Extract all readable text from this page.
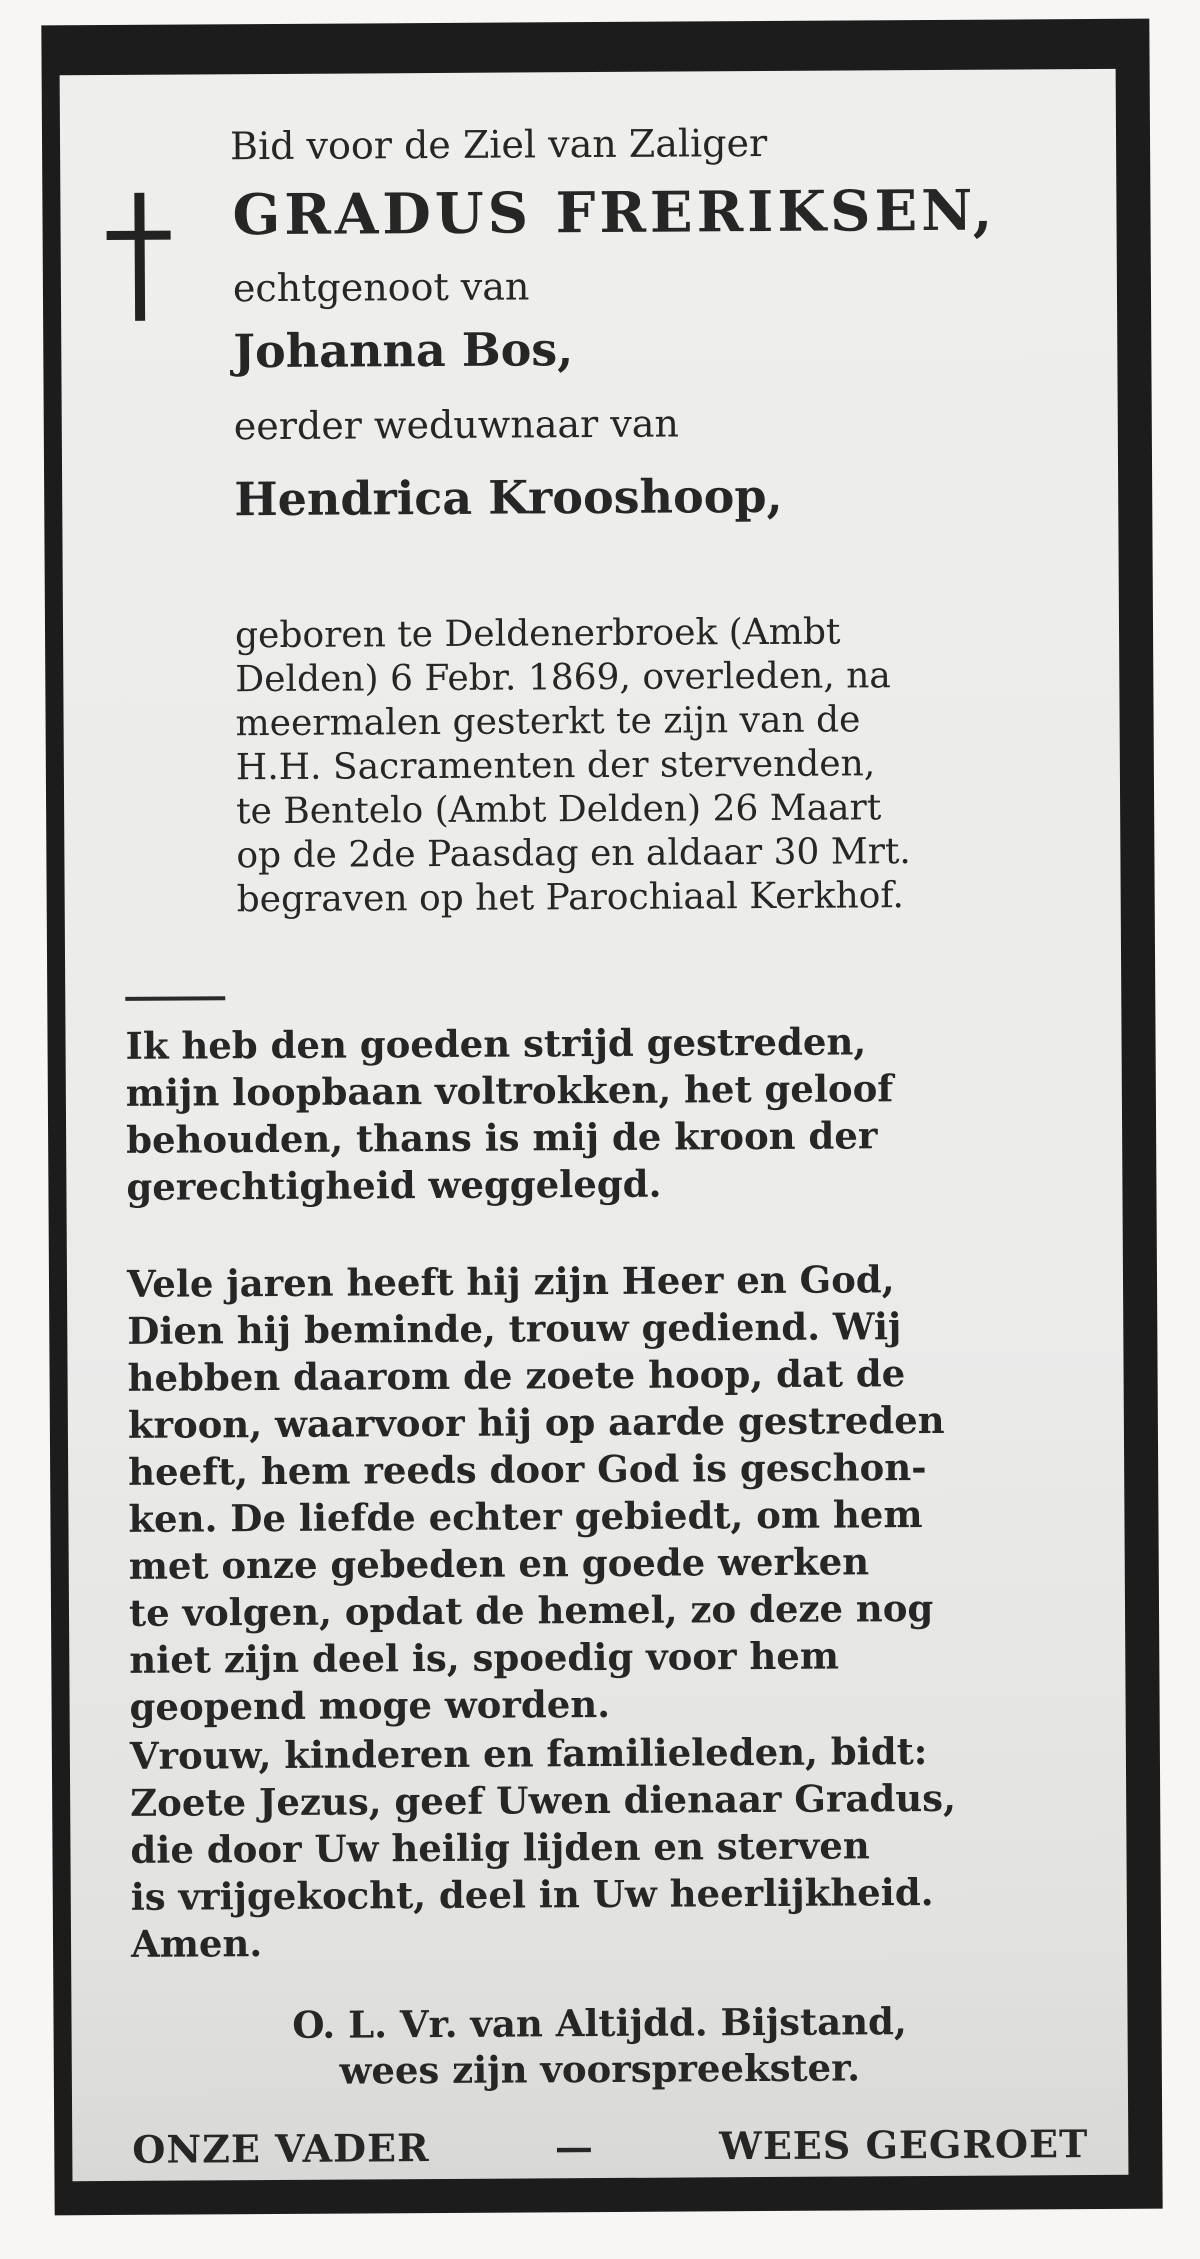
Bid voor de Ziel van Zaliger

GRADUS FRERIKSEN,

echtgenoot van

Johanna Bos,

eerder weduwnaar van

Hendrica Krooshoop,

geboren te Deldenerbroek (Ambt
Delden) 6 Febr. 1869, overleden, na
meermalen gesterkt te zijn van de
H.H. Sacramenten der stervenden,
te Bentelo (Ambt Delden) 26 Maart
op de 2de Paasdag en aldaar 30 Mrt.
begraven op het Parochiaal Kerkhof.
Ik heb den goeden strijd gestreden,
mijn loopbaan voltrokken, het geloof
behouden, thans is mij de kroon der
gerechtigheid weggelegd.
Vele jaren heeft hij zijn Heer en God,
Dien hij beminde, trouw gediend. Wij
hebben daarom de zoete hoop, dat de
kroon, waarvoor hij op aarde gestreden
heeft, hem reeds door God is geschon-
ken. De liefde echter gebiedt, om hem
met onze gebeden en goede werken
te volgen, opdat de hemel, zo deze nog
niet zijn deel is, spoedig voor hem
geopend moge worden.
Vrouw, kinderen en familieleden, bidt:
Zoete Jezus, geef Uwen dienaar Gradus,
die door Uw heilig lijden en sterven
is vrijgekocht, deel in Uw heerlijkheid.
Amen.
O. L. Vr. van Altijdd. Bijstand,
wees zijn voorspreekster.
ONZE VADER	—	WEES GEGROET
